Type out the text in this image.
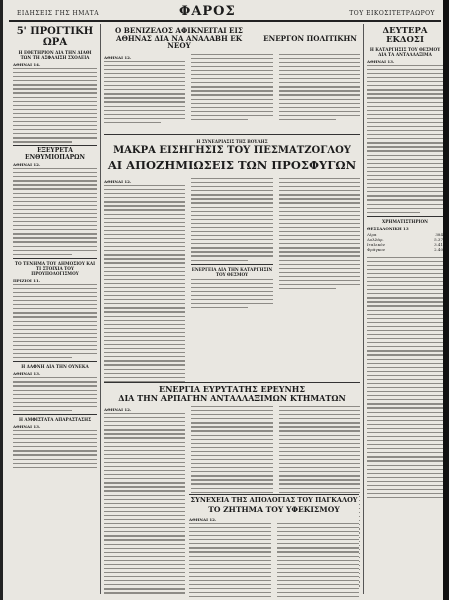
ΕΙΔΗΣΕΙΣ ΓΗΣ ΗΜΑΤΑ	ΦΑΡΟΣ	ΤΟΥ ΕΙΚΟΣΙΤΕΤΡΑΩΡΟΥ
5' ΠΡΟΓΤΙΚΗ ΩΡΑ
Η ΕΘΕΤΗΡΙΟΝ ΔΙΑ ΤΗΝ ΔΙΑΘΙ ΤΩΝ ΤΗ ΑΣΦΑΛΙΣΗ ΣΧΟΛΕΙΑ
ΑΘΗΝΑΙ 14.
ΕΞΕΥΡΕΤΑ ΕΝΘΥΜΙΟΠΑΡΩΝ
ΑΘΗΝΑΙ 12.
ΤΟ ΤΕΝΗΜΑ ΤΟΥ ΔΗΜΟΣΙΟΥ ΚΑΙ ΤΙ ΣΤΟΙΧΙΑ ΤΟΥ ΠΡΟΥΠΟΛΟΓΙΣΜΟΥ
ΠΡΙΖΙΟΙ 11.
Η ΔΑΦΝΗ ΔΙΑ ΤΗΝ ΟΥΝΕΚΑ
ΑΘΗΝΑΙ 13.
Η ΑΜΦΙΣΤΑΤΑ ΑΠΑΡΑΣΤΑΣΗΣ
ΑΘΗΝΑΙ 13.
Ο ΒΕΝΙΖΕΛΟΣ ΑΦΙΚΝΕΙΤΑΙ ΕΙΣ ΑΘΗΝΑΣ ΔΙΑ ΝΑ ΑΝΑΛΑΒΗ ΕΚ ΝΕΟΥ
ΕΝΕΡΓΟΝ ΠΟΛΙΤΙΚΗΝ
ΑΘΗΝΑΙ 12.
Η ΣΥΝΕΔΡΙΑΣΙΣ ΤΗΣ ΒΟΥΛΗΣ
ΜΑΚΡΑ ΕΙΣΗΓΗΣΙΣ ΤΟΥ ΠΕΣΜΑΤΖΟΓΛΟΥ
ΑΙ ΑΠΟΖΗΜΙΩΣΕΙΣ ΤΩΝ ΠΡΟΣΦΥΓΩΝ
ΑΘΗΝΑΙ 12.
ΕΝΕΡΓΕΙΑ ΔΙΑ ΤΗΝ ΚΑΤΑΡΓΗΣΙΝ ΤΟΥ ΘΕΣΜΟΥ
ΕΝΕΡΓΙΑ ΕΥΡΥΤΑΤΗΣ ΕΡΕΥΝΗΣ
ΔΙΑ ΤΗΝ ΑΡΠΑΓΗΝ ΑΝΤΑΛΛΑΞΙΜΩΝ ΚΤΗΜΑΤΩΝ
ΑΘΗΝΑΙ 12.
ΣΥΝΕΧΕΙΑ ΤΗΣ ΑΠΟΛΟΓΙΑΣ ΤΟΥ ΠΑΓΚΑΛΟΥ
ΤΟ ΖΗΤΗΜΑ ΤΟΥ ΥΦΕΚΙΣΜΟΥ
ΑΘΗΝΑΙ 12.
ΔΕΥΤΕΡΑ ΕΚΔΟΣΙ
Η ΚΑΤΑΡΓΗΣΙΣ ΤΟΥ ΘΕΣΜΟΥ ΔΙΑ ΤΑ ΑΝΤΑΛΛΑΞΙΜΑ
ΑΘΗΝΑΙ 13.
ΧΡΗΜΑΤΙΣΤΗΡΙΟΝ
ΘΕΣΣΑΛΟΝΙΚΗ 13
Λίρα	384
Δολλάρ.	5.37
Ιταλικόν	3.41
Φράγκον	2.40
